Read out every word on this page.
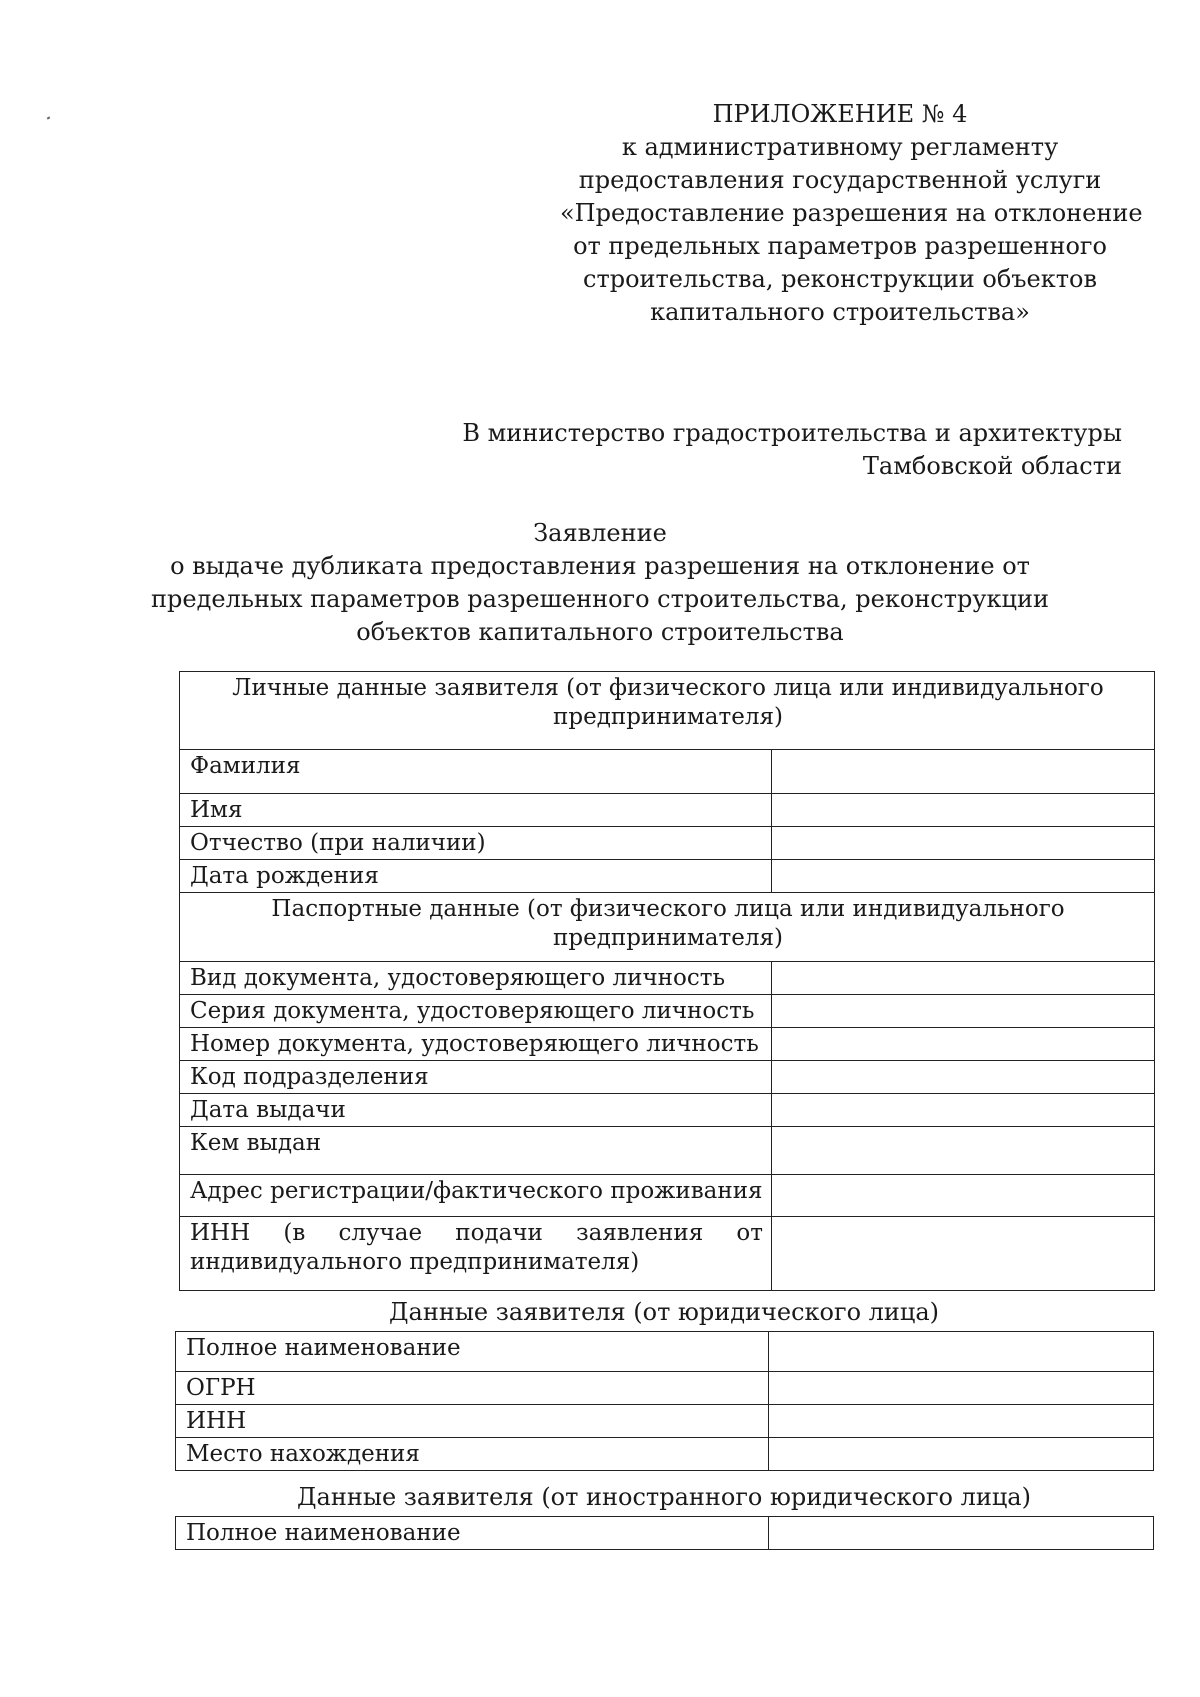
ПРИЛОЖЕНИЕ № 4
к административному регламенту
предоставления государственной услуги
«Предоставление разрешения на отклонение
от предельных параметров разрешенного
строительства, реконструкции объектов
капитального строительства»
В министерство градостроительства и архитектуры
Тамбовской области
Заявление
о выдаче дубликата предоставления разрешения на отклонение от
предельных параметров разрешенного строительства, реконструкции
объектов капитального строительства
Личные данные заявителя (от физического лица или индивидуального предпринимателя)	
Фамилия	
Имя	
Отчество (при наличии)	
Дата рождения	
Паспортные данные (от физического лица или индивидуального предпринимателя)	
Вид документа, удостоверяющего личность	
Серия документа, удостоверяющего личность	
Номер документа, удостоверяющего личность	
Код подразделения	
Дата выдачи	
Кем выдан	
Адрес регистрации/фактического проживания	
ИНН (в случае подачи заявления от индивидуального предпринимателя)	
Данные заявителя (от юридического лица)
Полное наименование	
ОГРН	
ИНН	
Место нахождения	
Данные заявителя (от иностранного юридического лица)
Полное наименование	
